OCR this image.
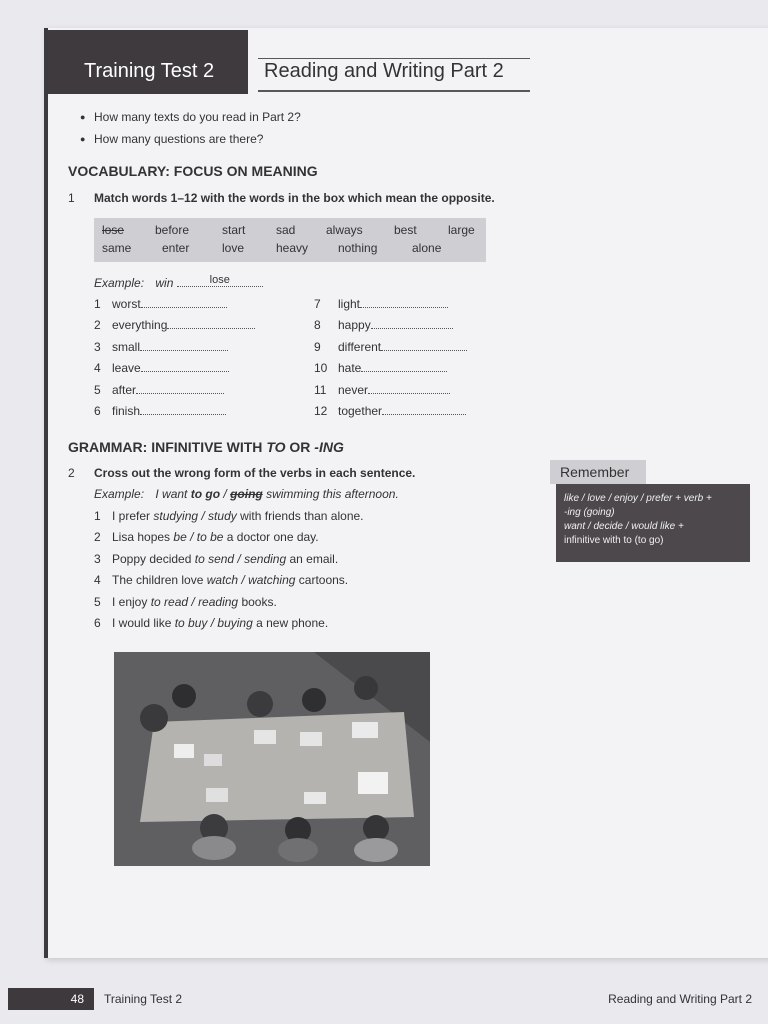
Training Test 2 Reading and Writing Part 2
● How many texts do you read in Part 2?
● How many questions are there?
VOCABULARY: FOCUS ON MEANING
1 Match words 1–12 with the words in the box which mean the opposite.
lose	before	start	sad	always	best	large
same	enter	love	heavy nothing	alone
Example: win	lose
1 worst
2 everything
3 small
4 leave
5 after
6 finish
7 light
8 happy
9 different
10 hate
11 never
12 together
GRAMMAR: INFINITIVE WITH TO OR -ING
2 Cross out the wrong form of the verbs in each sentence.
Example: I want to go / going swimming this afternoon.
1 I prefer studying / study with friends than alone.
2 Lisa hopes be / to be a doctor one day.
3 Poppy decided to send / sending an email.
4 The children love watch / watching cartoons.
5 I enjoy to read / reading books.
6 I would like to buy / buying a new phone.
Remember
like / love / enjoy / prefer + verb +
-ing (going)
want / decide / would like +
infinitive with to (to go)
48	Training Test 2	Reading and Writing Part 2
